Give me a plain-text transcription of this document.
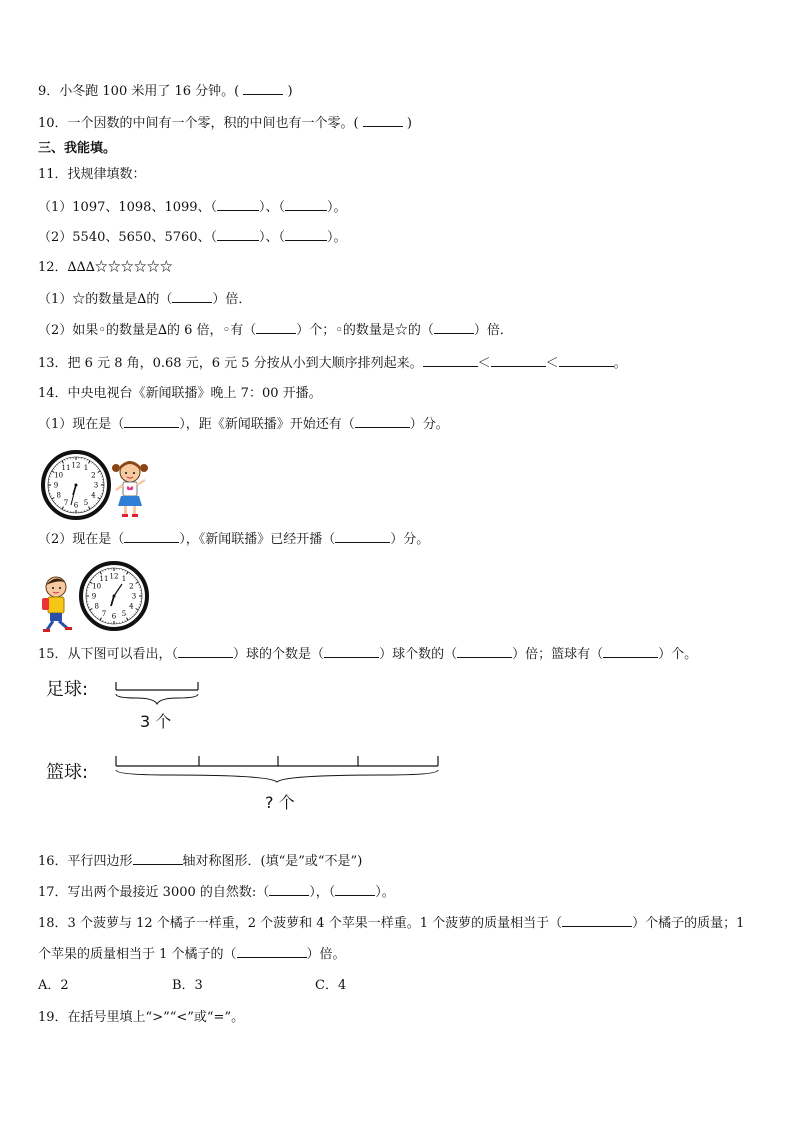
9．小冬跑 100 米用了 16 分钟。(	)
10．一个因数的中间有一个零，积的中间也有一个零。(	)
三、我能填。
11．找规律填数：
（1）1097、1098、1099、（	）、（	）。
（2）5540、5650、5760、（	）、（	）。
12．∆∆∆☆☆☆☆☆☆
（1）☆的数量是∆的（	）倍．
（2）如果◦的数量是∆的 6 倍，◦有（	）个；◦的数量是☆的（	）倍．
13．把 6 元 8 角，0.68 元，6 元 5 分按从小到大顺序排列起来。	＜	＜	。
14．中央电视台《新闻联播》晚上 7：00 开播。
（1）现在是（	），距《新闻联播》开始还有（	）分。
12 1
2
3
4
5
6
7
8
9
10
11
（2）现在是（	），《新闻联播》已经开播（	）分。
12 1
2
3
4
5
6
7
8
9
10
11
15．从下图可以看出，（	）球的个数是（	）球个数的（	）倍；篮球有（	）个。
足球:
3 个
篮球:
? 个
16．平行四边形	轴对称图形．(填“是”或“不是”)
17．写出两个最接近 3000 的自然数:（	），（	）。
18．3 个菠萝与 12 个橘子一样重，2 个菠萝和 4 个苹果一样重。1 个菠萝的质量相当于（	）个橘子的质量；1
个苹果的质量相当于 1 个橘子的（	）倍。
A．2	B．3	C．4
19．在括号里填上“>”“<”或“=”。
